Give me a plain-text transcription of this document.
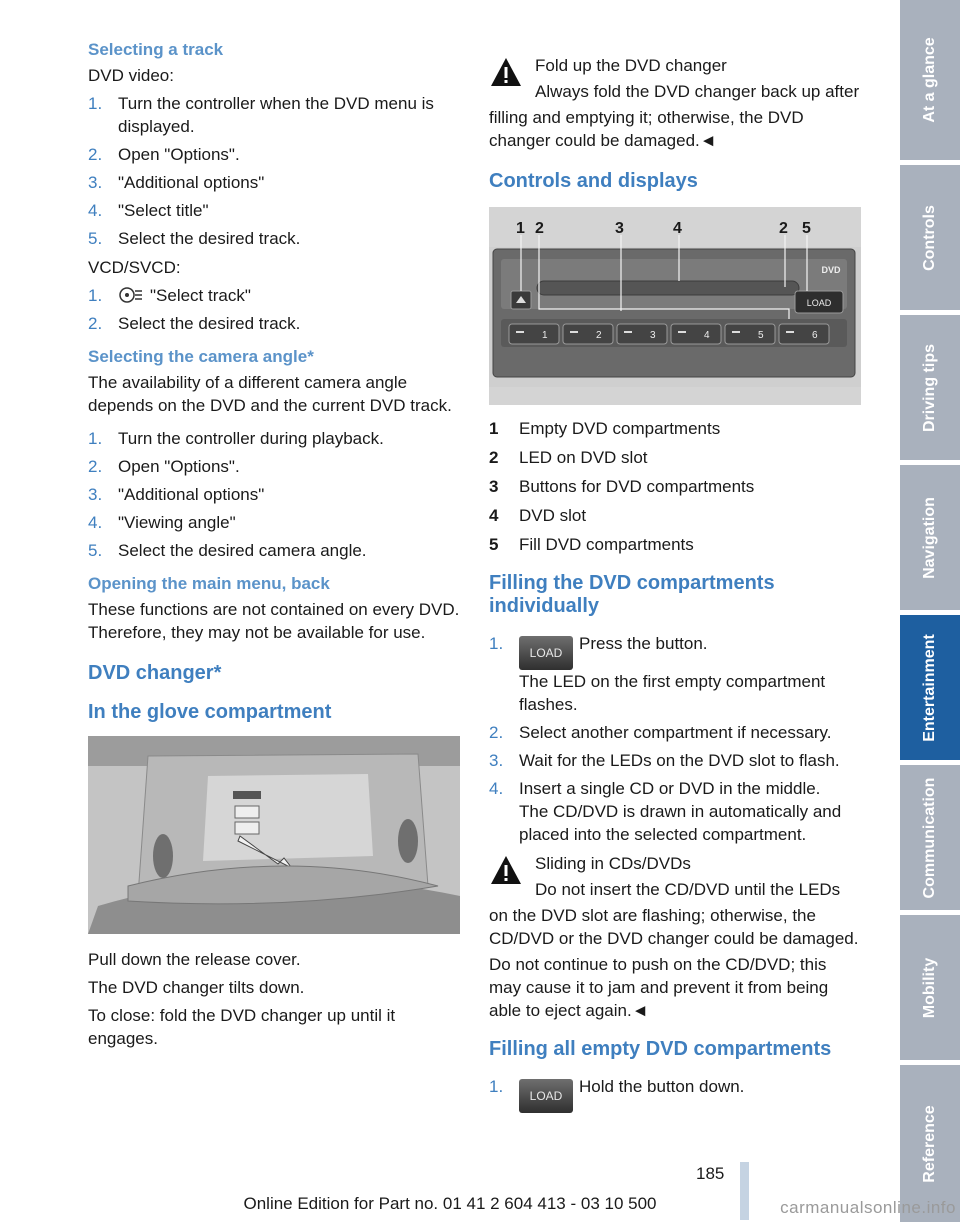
Selecting a track

DVD video:

1. Turn the controller when the DVD menu is displayed.
2. Open "Options".
3. "Additional options"
4. "Select title"
5. Select the desired track.

VCD/SVCD:

1.	"Select track"
2. Select the desired track.
Selecting the camera angle*

The availability of a different camera angle depends on the DVD and the current DVD track.

1. Turn the controller during playback.
2. Open "Options".
3. "Additional options"
4. "Viewing angle"
5. Select the desired camera angle.
Opening the main menu, back

These functions are not contained on every DVD. Therefore, they may not be available for use.

DVD changer*
In the glove compartment

Pull down the release cover.

The DVD changer tilts down.

To close: fold the DVD changer up until it engages.

Fold up the DVD changer

Always fold the DVD changer back up after

filling and emptying it; otherwise, the DVD changer could be damaged.◄

Controls and displays
LOAD
DVD
1	2	3	4	5	6
1 2	3	4	2 5
1	Empty DVD compartments
2	LED on DVD slot
3	Buttons for DVD compartments
4	DVD slot
5	Fill DVD compartments
Filling the DVD compartments individually
1. LOAD Press the button.
The LED on the first empty compartment flashes.
2. Select another compartment if necessary.
3. Wait for the LEDs on the DVD slot to flash.
4. Insert a single CD or DVD in the middle.
The CD/DVD is drawn in automatically and placed into the selected compartment.

Sliding in CDs/DVDs

Do not insert the CD/DVD until the LEDs

on the DVD slot are flashing; otherwise, the CD/DVD or the DVD changer could be damaged.

Do not continue to push on the CD/DVD; this may cause it to jam and prevent it from being able to eject again.◄

Filling all empty DVD compartments
1. LOAD Hold the button down.
At a glance
Controls
Driving tips
Navigation
Entertainment
Communication
Mobility
Reference
185
Online Edition for Part no. 01 41 2 604 413 - 03 10 500	carmanualsonline.info
